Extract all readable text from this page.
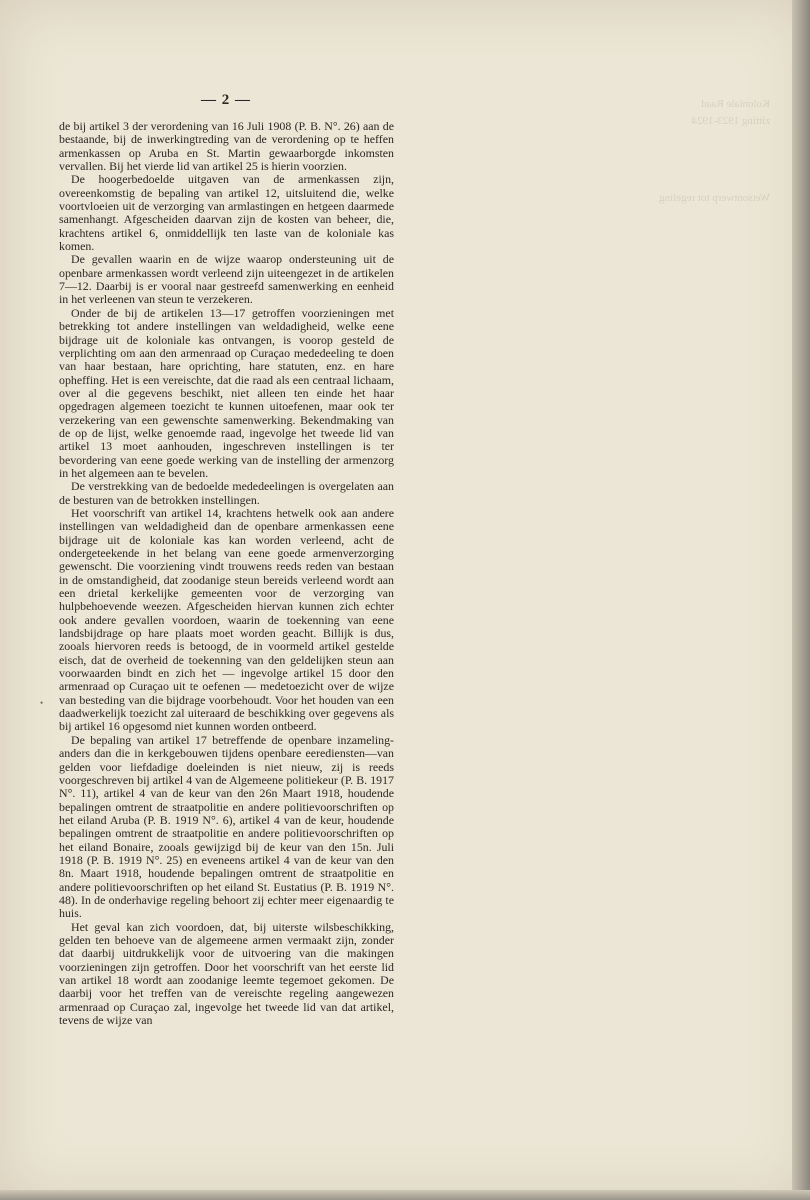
Koloniale Raad
zitting 1923-1924
Wetsontwerp tot regeling
— 2 —
•

de bij artikel 3 der verordening van 16 Juli 1908 (P. B. N°. 26) aan de bestaande, bij de inwerkingtreding van de verordening op te heffen armenkassen op Aruba en St. Martin gewaarborgde inkomsten vervallen. Bij het vierde lid van artikel 25 is hierin voorzien.

De hoogerbedoelde uitgaven van de armenkassen zijn, overeenkomstig de bepaling van artikel 12, uitsluitend die, welke voortvloeien uit de verzorging van armlastingen en hetgeen daarmede samenhangt. Afgescheiden daarvan zijn de kosten van beheer, die, krachtens artikel 6, onmiddellijk ten laste van de koloniale kas komen.

De gevallen waarin en de wijze waarop ondersteuning uit de openbare armenkassen wordt verleend zijn uiteengezet in de artikelen 7—12. Daarbij is er vooral naar gestreefd samenwerking en eenheid in het verleenen van steun te verzekeren.

Onder de bij de artikelen 13—17 getroffen voorzieningen met betrekking tot andere instellingen van weldadigheid, welke eene bijdrage uit de koloniale kas ontvangen, is voorop gesteld de verplichting om aan den armenraad op Curaçao mededeeling te doen van haar bestaan, hare oprichting, hare statuten, enz. en hare opheffing. Het is een vereischte, dat die raad als een centraal lichaam, over al die gegevens beschikt, niet alleen ten einde het haar opgedragen algemeen toezicht te kunnen uitoefenen, maar ook ter verzekering van een gewenschte samenwerking. Bekendmaking van de op de lijst, welke genoemde raad, ingevolge het tweede lid van artikel 13 moet aanhouden, ingeschreven instellingen is ter bevordering van eene goede werking van de instelling der armenzorg in het algemeen aan te bevelen.

De verstrekking van de bedoelde mededeelingen is overgelaten aan de besturen van de betrokken instellingen.

Het voorschrift van artikel 14, krachtens hetwelk ook aan andere instellingen van weldadigheid dan de openbare armenkassen eene bijdrage uit de koloniale kas kan worden verleend, acht de ondergeteekende in het belang van eene goede armenverzorging gewenscht. Die voorziening vindt trouwens reeds reden van bestaan in de omstandigheid, dat zoodanige steun bereids verleend wordt aan een drietal kerkelijke gemeenten voor de verzorging van hulpbehoevende weezen. Afgescheiden hiervan kunnen zich echter ook andere gevallen voordoen, waarin de toekenning van eene landsbijdrage op hare plaats moet worden geacht. Billijk is dus, zooals hiervoren reeds is betoogd, de in voormeld artikel gestelde eisch, dat de overheid de toekenning van den geldelijken steun aan voorwaarden bindt en zich het — ingevolge artikel 15 door den armenraad op Curaçao uit te oefenen — medetoezicht over de wijze van besteding van die bijdrage voorbehoudt. Voor het houden van een daadwerkelijk toezicht zal uiteraard de beschikking over gegevens als bij artikel 16 opgesomd niet kunnen worden ontbeerd.

De bepaling van artikel 17 betreffende de openbare inzameling- anders dan die in kerkgebouwen tijdens openbare eerediensten—van gelden voor liefdadige doeleinden is niet nieuw, zij is reeds voorgeschreven bij artikel 4 van de Algemeene politiekeur (P. B. 1917 N°. 11), artikel 4 van de keur van den 26n Maart 1918, houdende bepalingen omtrent de straatpolitie en andere politievoorschriften op het eiland Aruba (P. B. 1919 N°. 6), artikel 4 van de keur, houdende bepalingen omtrent de straatpolitie en andere politievoorschriften op het eiland Bonaire, zooals gewijzigd bij de keur van den 15n. Juli 1918 (P. B. 1919 N°. 25) en eveneens artikel 4 van de keur van den 8n. Maart 1918, houdende bepalingen omtrent de straatpolitie en andere politievoorschriften op het eiland St. Eustatius (P. B. 1919 N°. 48). In de onderhavige regeling behoort zij echter meer eigenaardig te huis.

Het geval kan zich voordoen, dat, bij uiterste wilsbeschikking, gelden ten behoeve van de algemeene armen vermaakt zijn, zonder dat daarbij uitdrukkelijk voor de uitvoering van die makingen voorzieningen zijn getroffen. Door het voorschrift van het eerste lid van artikel 18 wordt aan zoodanige leemte tegemoet gekomen. De daarbij voor het treffen van de vereischte regeling aangewezen armenraad op Curaçao zal, ingevolge het tweede lid van dat artikel, tevens de wijze van
